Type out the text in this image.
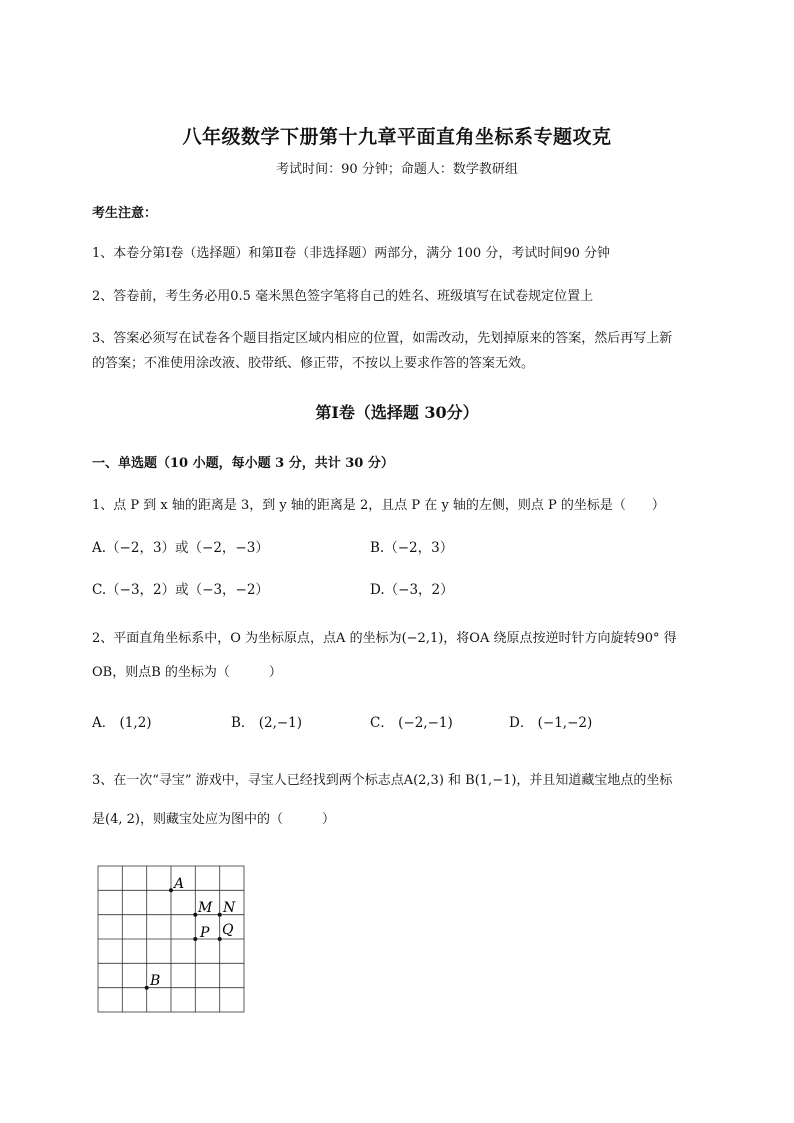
八年级数学下册第十九章平面直角坐标系专题攻克
考试时间：90 分钟；命题人：数学教研组
考生注意：
1、本卷分第Ⅰ卷（选择题）和第Ⅱ卷（非选择题）两部分，满分 100 分，考试时间90 分钟
2、答卷前，考生务必用0.5 毫米黑色签字笔将自己的姓名、班级填写在试卷规定位置上
3、答案必须写在试卷各个题目指定区域内相应的位置，如需改动，先划掉原来的答案，然后再写上新
的答案；不准使用涂改液、胶带纸、修正带，不按以上要求作答的答案无效。
第Ⅰ卷（选择题 30分）
一、单选题（10 小题，每小题 3 分，共计 30 分）
1、点 P 到 x 轴的距离是 3，到 y 轴的距离是 2，且点 P 在 y 轴的左侧，则点 P 的坐标是（　　）
A.（−2，3）或（−2，−3）	B.（−2，3）
C.（−3，2）或（−3，−2）	D.（−3，2）
2、平面直角坐标系中，O 为坐标原点，点A 的坐标为(−2,1)，将OA 绕原点按逆时针方向旋转90° 得
OB，则点B 的坐标为（　　　）
A． (1,2)	B． (2,−1)	C． (−2,−1)	D． (−1,−2)
3、在一次“寻宝” 游戏中，寻宝人已经找到两个标志点A(2,3) 和 B(1,−1)，并且知道藏宝地点的坐标
是(4, 2)，则藏宝处应为图中的（　　　）
A
M N
P Q
B
